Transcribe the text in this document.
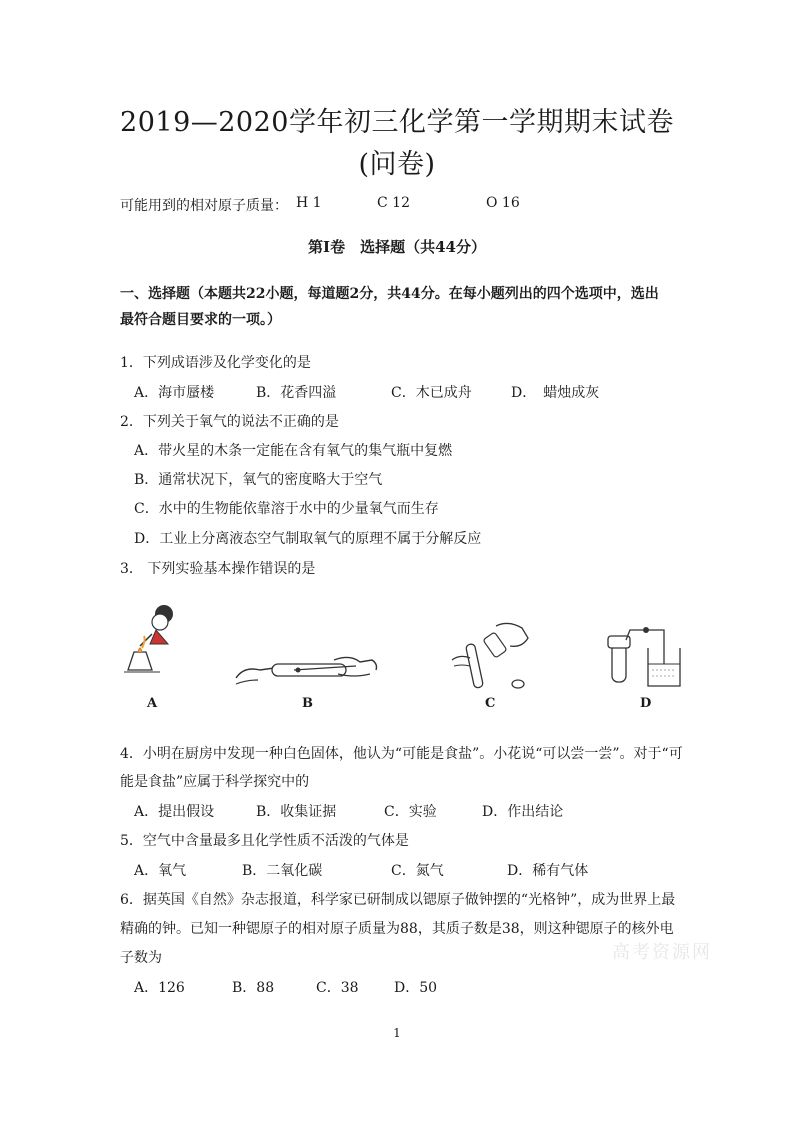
2019—2020学年初三化学第一学期期末试卷
(问卷)
可能用到的相对原子质量： H 1	C 12	O 16
第Ⅰ卷　选择题（共44分）
一、选择题（本题共22小题，每道题2分，共44分。在每小题列出的四个选项中，选出
最符合题目要求的一项。）
1．下列成语涉及化学变化的是
A．海市蜃楼	B．花香四溢	C．木已成舟	D．　蜡烛成灰
2．下列关于氧气的说法不正确的是
A．带火星的木条一定能在含有氧气的集气瓶中复燃
B．通常状况下，氧气的密度略大于空气
C．水中的生物能依靠溶于水中的少量氧气而生存
D．工业上分离液态空气制取氧气的原理不属于分解反应
3． 下列实验基本操作错误的是
A	B	C	D
4．小明在厨房中发现一种白色固体，他认为“可能是食盐”。小花说“可以尝一尝”。对于“可
能是食盐”应属于科学探究中的
A．提出假设	B．收集证据	C．实验	D．作出结论
5．空气中含量最多且化学性质不活泼的气体是
A．氧气	B．二氧化碳	C．氮气	D．稀有气体
6．据英国《自然》杂志报道，科学家已研制成以锶原子做钟摆的“光格钟”，成为世界上最
精确的钟。已知一种锶原子的相对原子质量为88，其质子数是38，则这种锶原子的核外电
子数为
A．126	B．88	C．38	D．50
高考资源网
1
